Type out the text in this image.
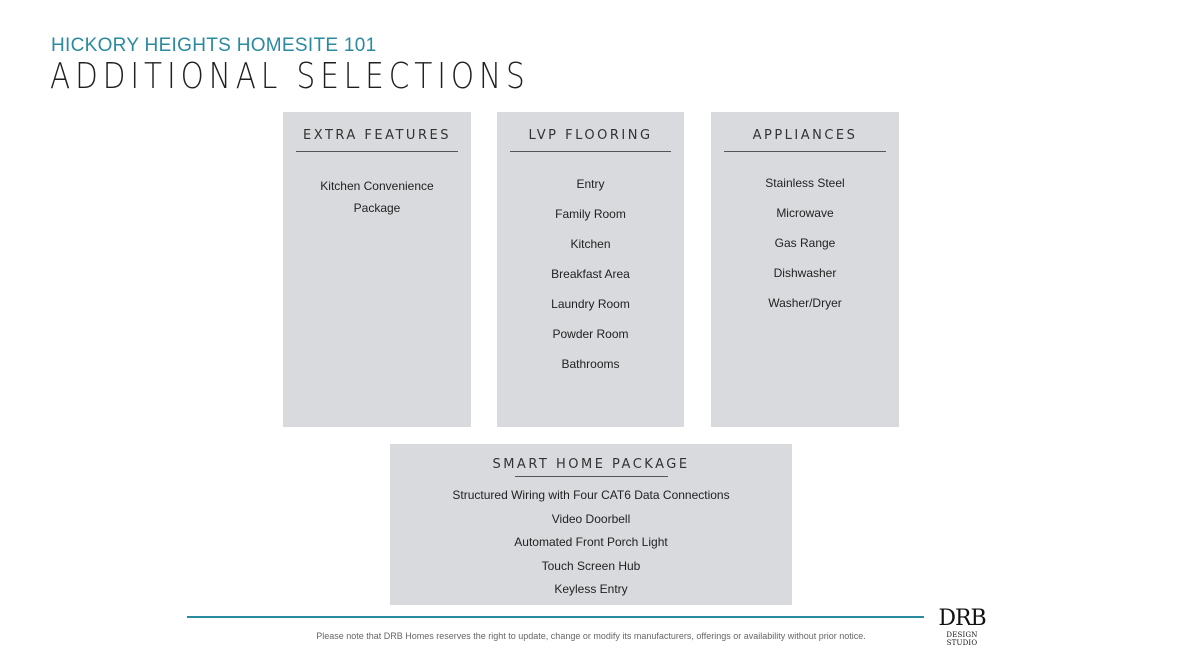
HICKORY HEIGHTS HOMESITE 101
ADDITIONAL SELECTIONS
EXTRA FEATURES
Kitchen Convenience
Package
LVP FLOORING
Entry
Family Room
Kitchen
Breakfast Area
Laundry Room
Powder Room
Bathrooms
APPLIANCES
Stainless Steel
Microwave
Gas Range
Dishwasher
Washer/Dryer
SMART HOME PACKAGE
Structured Wiring with Four CAT6 Data Connections
Video Doorbell
Automated Front Porch Light
Touch Screen Hub
Keyless Entry
Please note that DRB Homes reserves the right to update, change or modify its manufacturers, offerings or availability without prior notice.
DRB
DESIGN STUDIO
